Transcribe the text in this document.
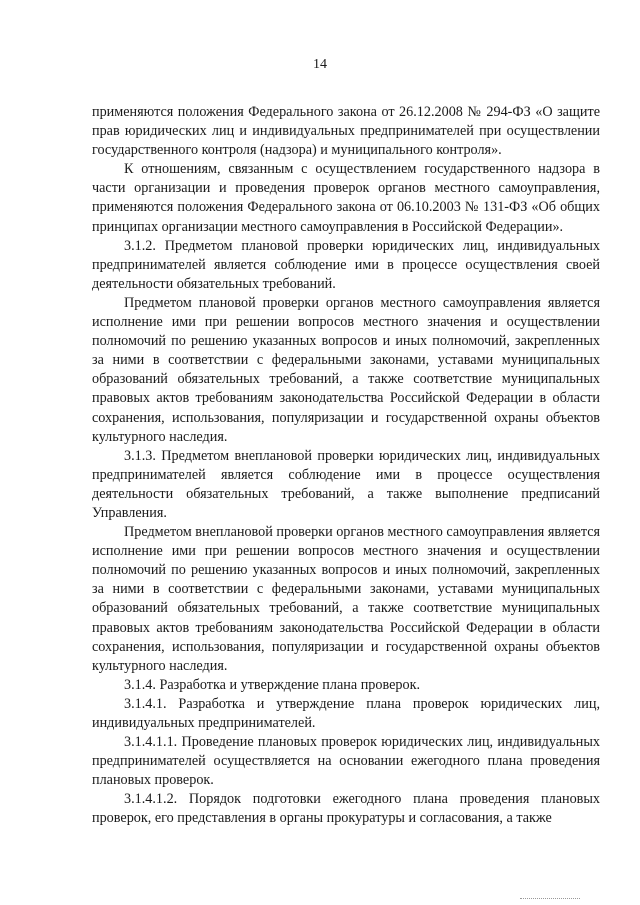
14

применяются положения Федерального закона от 26.12.2008 № 294-ФЗ «О защите прав юридических лиц и индивидуальных предпринимателей при осуществлении государственного контроля (надзора) и муниципального контроля».

К отношениям, связанным с осуществлением государственного надзора в части организации и проведения проверок органов местного самоуправления, применяются положения Федерального закона от 06.10.2003 № 131-ФЗ «Об общих принципах организации местного самоуправления в Российской Федерации».

3.1.2. Предметом плановой проверки юридических лиц, индивидуальных предпринимателей является соблюдение ими в процессе осуществления своей деятельности обязательных требований.

Предметом плановой проверки органов местного самоуправления является исполнение ими при решении вопросов местного значения и осуществлении полномочий по решению указанных вопросов и иных полномочий, закрепленных за ними в соответствии с федеральными законами, уставами муниципальных образований обязательных требований, а также соответствие муниципальных правовых актов требованиям законодательства Российской Федерации в области сохранения, использования, популяризации и государственной охраны объектов культурного наследия.

3.1.3. Предметом внеплановой проверки юридических лиц, индивидуальных предпринимателей является соблюдение ими в процессе осуществления деятельности обязательных требований, а также выполнение предписаний Управления.

Предметом внеплановой проверки органов местного самоуправления является исполнение ими при решении вопросов местного значения и осуществлении полномочий по решению указанных вопросов и иных полномочий, закрепленных за ними в соответствии с федеральными законами, уставами муниципальных образований обязательных требований, а также соответствие муниципальных правовых актов требованиям законодательства Российской Федерации в области сохранения, использования, популяризации и государственной охраны объектов культурного наследия.

3.1.4. Разработка и утверждение плана проверок.

3.1.4.1. Разработка и утверждение плана проверок юридических лиц, индивидуальных предпринимателей.

3.1.4.1.1. Проведение плановых проверок юридических лиц, индивидуальных предпринимателей осуществляется на основании ежегодного плана проведения плановых проверок.

3.1.4.1.2. Порядок подготовки ежегодного плана проведения плановых проверок, его представления в органы прокуратуры и согласования, а также
